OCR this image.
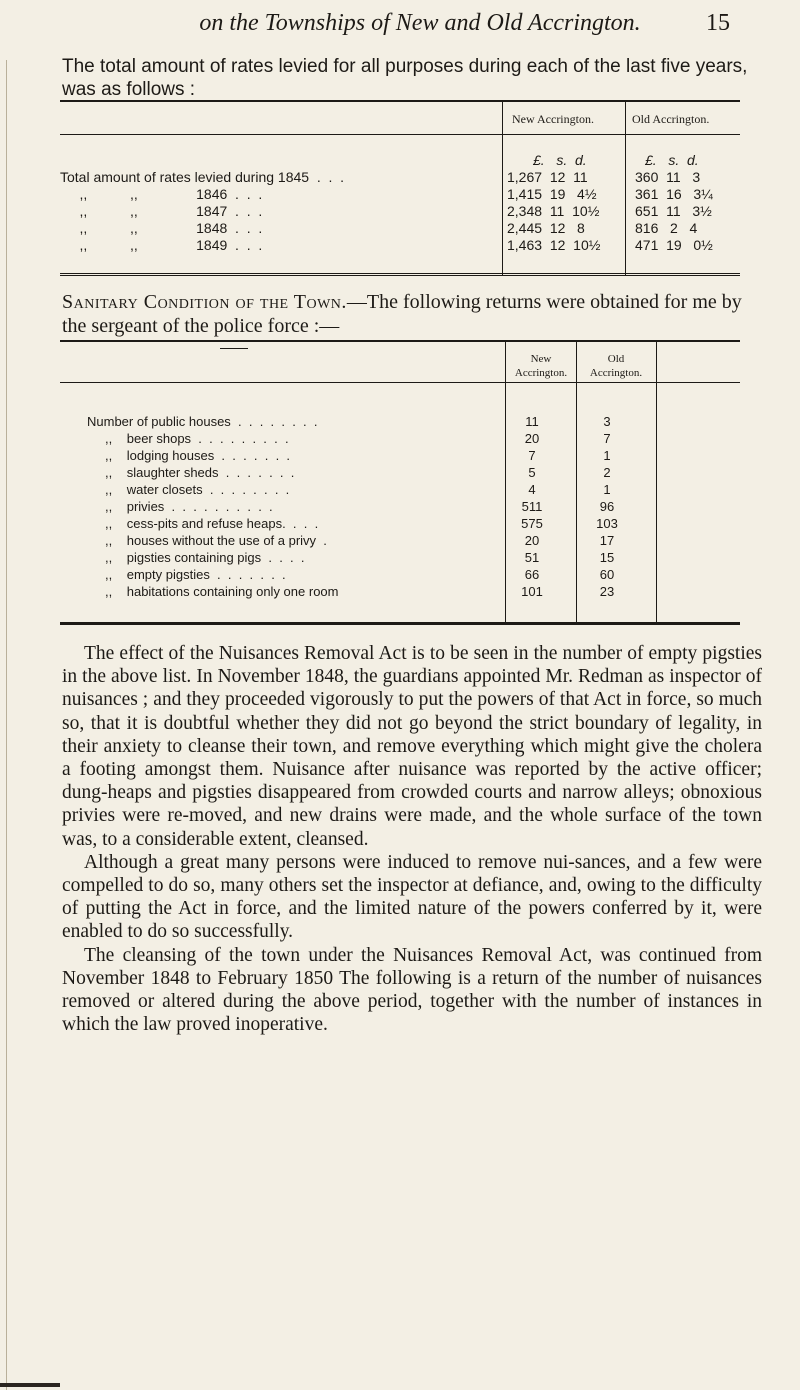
on the Townships of New and Old Accrington.	15
The total amount of rates levied for all purposes during each of the last five years, was as follows :
New Accrington.	Old Accrington.
£.   s.  d.	£.   s.  d.
Total amount of rates levied during 1845  .  .  .	1,267  12  11	360  11   3
,,           ,,               1846  .  .  .	1,415  19   4½	361  16   3¼
,,           ,,               1847  .  .  .	2,348  11  10½	651  11   3½
,,           ,,               1848  .  .  .	2,445  12   8	816   2   4
,,           ,,               1849  .  .  .	1,463  12  10½	471  19   0½
Sanitary Condition of the Town.—The following returns were obtained for me by the sergeant of the police force :—
New
Accrington.
Old
Accrington.
Number of public houses  .  .  .  .  .  .  .  .	11	3
,,    beer shops  .  .  .  .  .  .  .  .  .	20	7
,,    lodging houses  .  .  .  .  .  .  .	7	1
,,    slaughter sheds  .  .  .  .  .  .  .	5	2
,,    water closets  .  .  .  .  .  .  .  .	4	1
,,    privies  .  .  .  .  .  .  .  .  .  .	511	96
,,    cess-pits and refuse heaps.  .  .  .	575	103
,,    houses without the use of a privy  .	20	17
,,    pigsties containing pigs  .  .  .  .	51	15
,,    empty pigsties  .  .  .  .  .  .  .	66	60
,,    habitations containing only one room	101	23

The effect of the Nuisances Removal Act is to be seen in the number of empty pigsties in the above list. In November 1848, the guardians appointed Mr. Redman as inspector of nuisances ; and they proceeded vigorously to put the powers of that Act in force, so much so, that it is doubtful whether they did not go beyond the strict boundary of legality, in their anxiety to cleanse their town, and remove everything which might give the cholera a footing amongst them. Nuisance after nuisance was reported by the active officer; dung-heaps and pigsties disappeared from crowded courts and narrow alleys; obnoxious privies were re-moved, and new drains were made, and the whole surface of the town was, to a considerable extent, cleansed.

Although a great many persons were induced to remove nui-sances, and a few were compelled to do so, many others set the inspector at defiance, and, owing to the difficulty of putting the Act in force, and the limited nature of the powers conferred by it, were enabled to do so successfully.

The cleansing of the town under the Nuisances Removal Act, was continued from November 1848 to February 1850 The following is a return of the number of nuisances removed or altered during the above period, together with the number of instances in which the law proved inoperative.
